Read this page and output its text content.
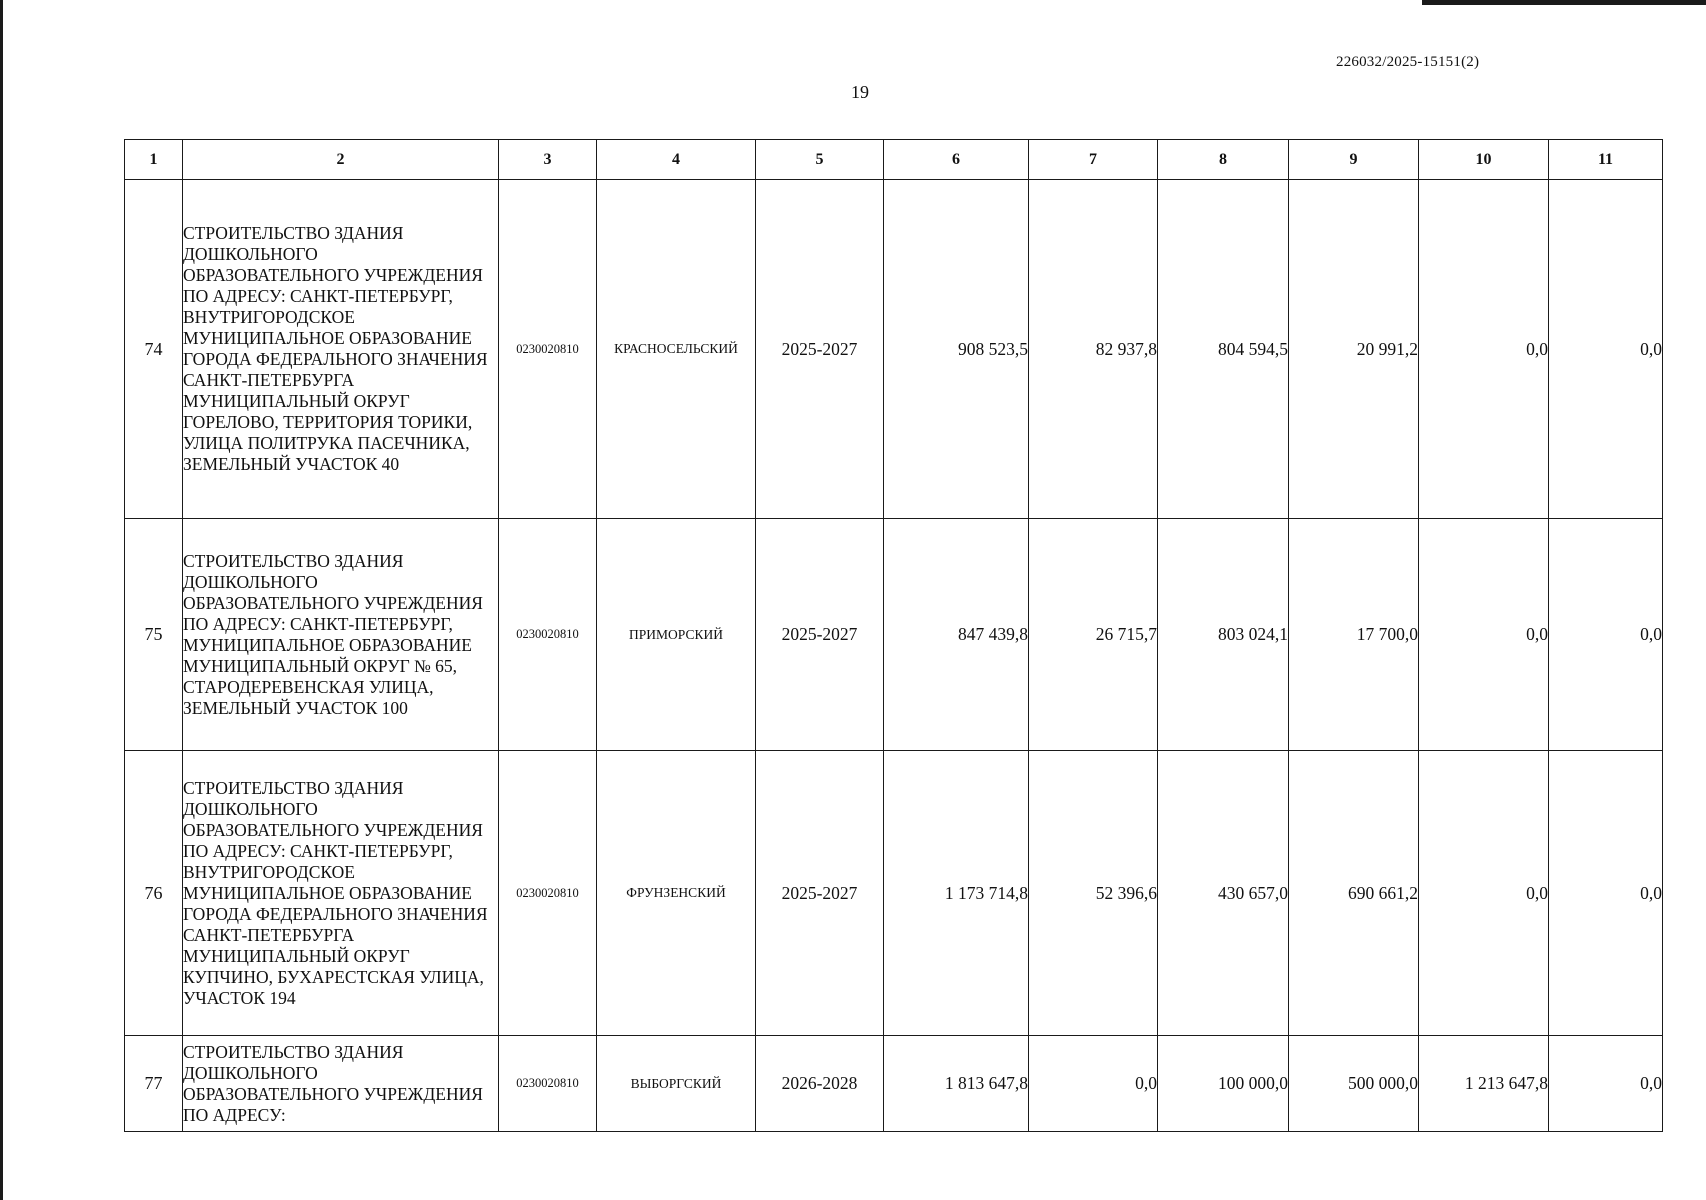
226032/2025-15151(2)
19
1	2	3	4	5	6	7	8	9	10	11
74	СТРОИТЕЛЬСТВО ЗДАНИЯ ДОШКОЛЬНОГО ОБРАЗОВАТЕЛЬНОГО УЧРЕЖДЕНИЯ ПО АДРЕСУ: САНКТ-ПЕТЕРБУРГ, ВНУТРИГОРОДСКОЕ МУНИЦИПАЛЬНОЕ ОБРАЗОВАНИЕ ГОРОДА ФЕДЕРАЛЬНОГО ЗНАЧЕНИЯ САНКТ-ПЕТЕРБУРГА МУНИЦИПАЛЬНЫЙ ОКРУГ ГОРЕЛОВО, ТЕРРИТОРИЯ ТОРИКИ, УЛИЦА ПОЛИТРУКА ПАСЕЧНИКА, ЗЕМЕЛЬНЫЙ УЧАСТОК 40	0230020810	КРАСНОСЕЛЬСКИЙ	2025-2027	908 523,5	82 937,8	804 594,5	20 991,2	0,0	0,0
75	СТРОИТЕЛЬСТВО ЗДАНИЯ ДОШКОЛЬНОГО ОБРАЗОВАТЕЛЬНОГО УЧРЕЖДЕНИЯ ПО АДРЕСУ: САНКТ-ПЕТЕРБУРГ, МУНИЦИПАЛЬНОЕ ОБРАЗОВАНИЕ МУНИЦИПАЛЬНЫЙ ОКРУГ № 65, СТАРОДЕРЕВЕНСКАЯ УЛИЦА, ЗЕМЕЛЬНЫЙ УЧАСТОК 100	0230020810	ПРИМОРСКИЙ	2025-2027	847 439,8	26 715,7	803 024,1	17 700,0	0,0	0,0
76	СТРОИТЕЛЬСТВО ЗДАНИЯ ДОШКОЛЬНОГО ОБРАЗОВАТЕЛЬНОГО УЧРЕЖДЕНИЯ ПО АДРЕСУ: САНКТ-ПЕТЕРБУРГ, ВНУТРИГОРОДСКОЕ МУНИЦИПАЛЬНОЕ ОБРАЗОВАНИЕ ГОРОДА ФЕДЕРАЛЬНОГО ЗНАЧЕНИЯ САНКТ-ПЕТЕРБУРГА МУНИЦИПАЛЬНЫЙ ОКРУГ КУПЧИНО, БУХАРЕСТСКАЯ УЛИЦА, УЧАСТОК 194	0230020810	ФРУНЗЕНСКИЙ	2025-2027	1 173 714,8	52 396,6	430 657,0	690 661,2	0,0	0,0
77	СТРОИТЕЛЬСТВО ЗДАНИЯ ДОШКОЛЬНОГО ОБРАЗОВАТЕЛЬНОГО УЧРЕЖДЕНИЯ ПО АДРЕСУ:	0230020810	ВЫБОРГСКИЙ	2026-2028	1 813 647,8	0,0	100 000,0	500 000,0	1 213 647,8	0,0
